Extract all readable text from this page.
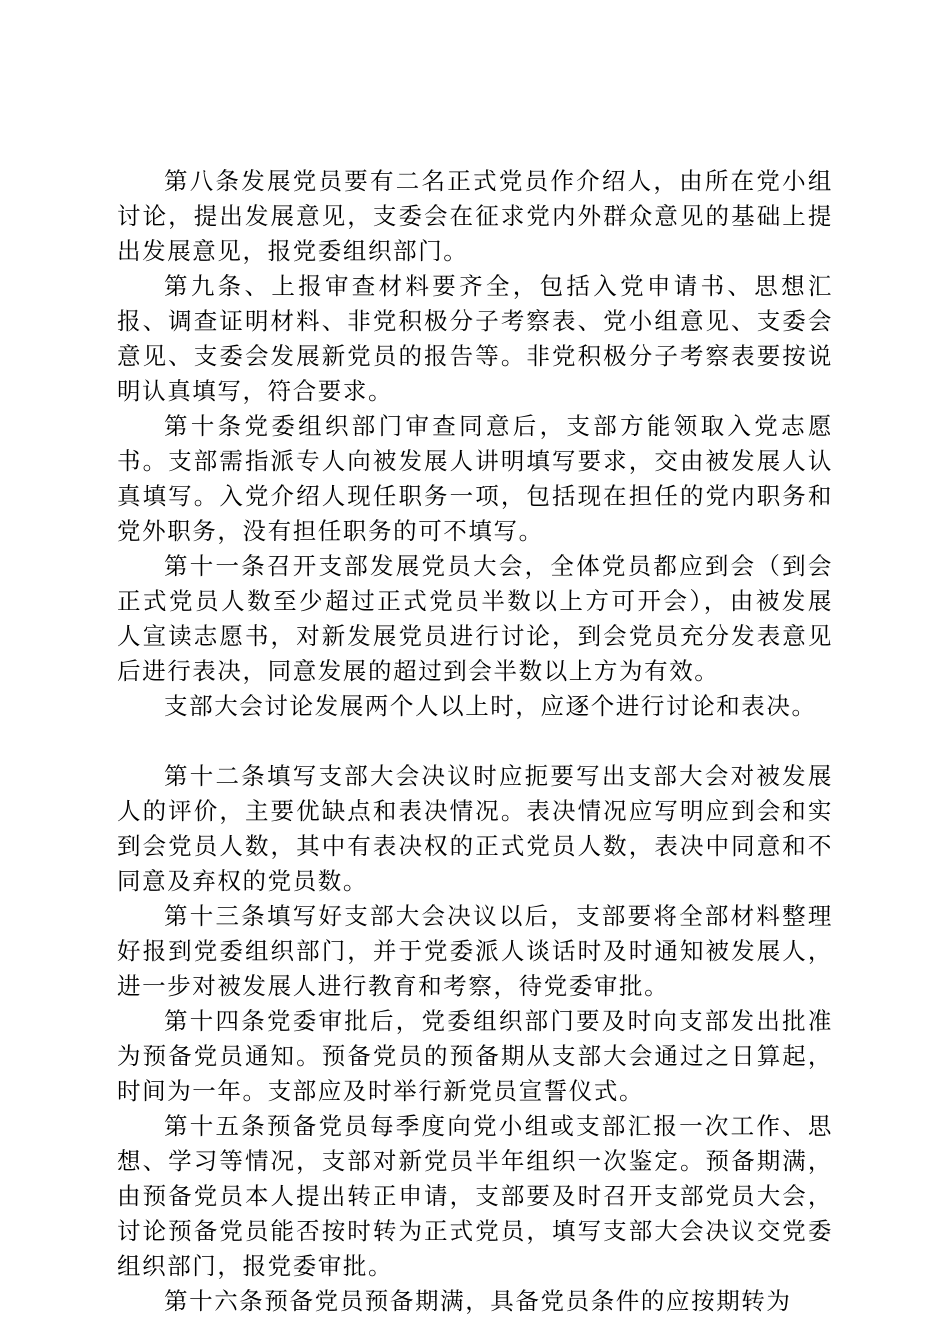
第八条发展党员要有二名正式党员作介绍人，由所在党小组讨论，提出发展意见，支委会在征求党内外群众意见的基础上提出发展意见，报党委组织部门。

第九条、上报审查材料要齐全，包括入党申请书、思想汇报、调查证明材料、非党积极分子考察表、党小组意见、支委会意见、支委会发展新党员的报告等。非党积极分子考察表要按说明认真填写，符合要求。

第十条党委组织部门审查同意后，支部方能领取入党志愿书。支部需指派专人向被发展人讲明填写要求，交由被发展人认真填写。入党介绍人现任职务一项，包括现在担任的党内职务和党外职务，没有担任职务的可不填写。

第十一条召开支部发展党员大会，全体党员都应到会（到会正式党员人数至少超过正式党员半数以上方可开会），由被发展人宣读志愿书，对新发展党员进行讨论，到会党员充分发表意见后进行表决，同意发展的超过到会半数以上方为有效。

支部大会讨论发展两个人以上时，应逐个进行讨论和表决。

第十二条填写支部大会决议时应扼要写出支部大会对被发展人的评价，主要优缺点和表决情况。表决情况应写明应到会和实到会党员人数，其中有表决权的正式党员人数，表决中同意和不同意及弃权的党员数。

第十三条填写好支部大会决议以后，支部要将全部材料整理好报到党委组织部门，并于党委派人谈话时及时通知被发展人，进一步对被发展人进行教育和考察，待党委审批。

第十四条党委审批后，党委组织部门要及时向支部发出批准为预备党员通知。预备党员的预备期从支部大会通过之日算起，时间为一年。支部应及时举行新党员宣誓仪式。

第十五条预备党员每季度向党小组或支部汇报一次工作、思想、学习等情况，支部对新党员半年组织一次鉴定。预备期满，由预备党员本人提出转正申请，支部要及时召开支部党员大会，讨论预备党员能否按时转为正式党员，填写支部大会决议交党委组织部门，报党委审批。

第十六条预备党员预备期满，具备党员条件的应按期转为
